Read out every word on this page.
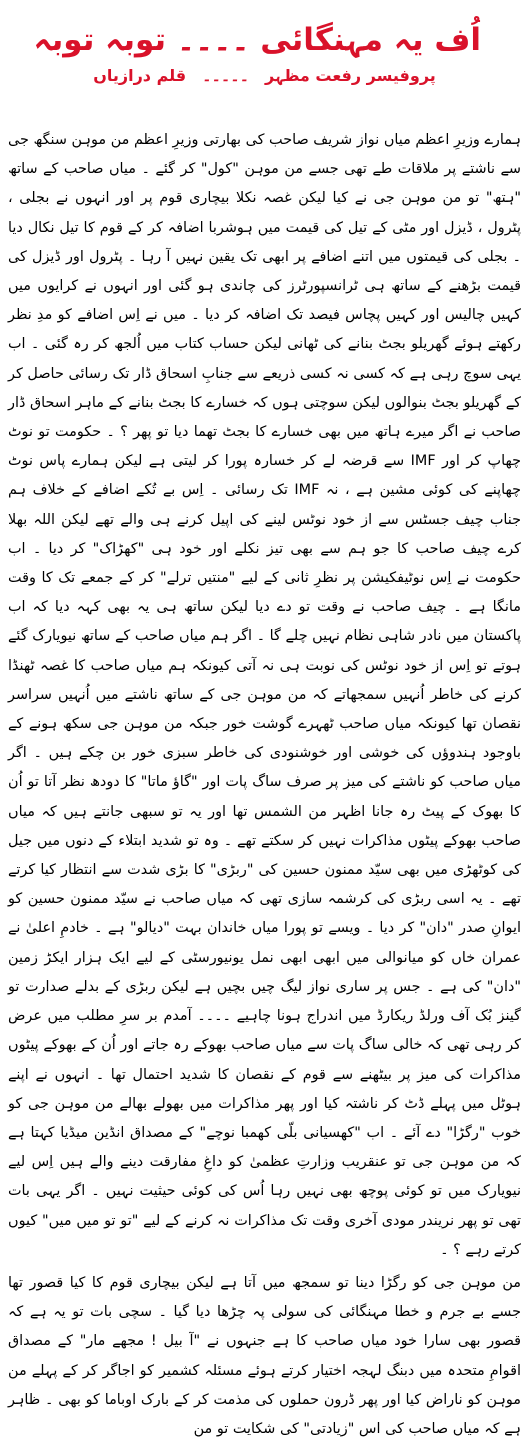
اُف یہ مہنگائی ۔۔۔۔ توبہ توبہ
پروفیسر رفعت مظہر۔۔۔۔۔قلم درازیاں

ہمارے وزیرِ اعظم میاں نواز شریف صاحب کی بھارتی وزیرِ اعظم من موہن سنگھ جی سے ناشتے پر ملاقات طے تھی جسے من موہن "کول" کر گئے ۔ میاں صاحب کے ساتھ "ہتھ" تو من موہن جی نے کیا لیکن غصہ نکلا بیچاری قوم پر اور انہوں نے بجلی ، پٹرول ، ڈیزل اور مٹی کے تیل کی قیمت میں ہوشربا اضافہ کر کے قوم کا تیل نکال دیا ۔ بجلی کی قیمتوں میں اتنے اضافے پر ابھی تک یقین نہیں آ رہا ۔ پٹرول اور ڈیزل کی قیمت بڑھنے کے ساتھ ہی ٹرانسپورٹرز کی چاندی ہو گئی اور انہوں نے کرایوں میں کہیں چالیس اور کہیں پچاس فیصد تک اضافہ کر دیا ۔ میں نے اِس اضافے کو مدِ نظر رکھتے ہوئے گھریلو بجٹ بنانے کی ٹھانی لیکن حساب کتاب میں اُلجھ کر رہ گئی ۔ اب یہی سوچ رہی ہے کہ کسی نہ کسی ذریعے سے جنابِ اسحاق ڈار تک رسائی حاصل کر کے گھریلو بجٹ بنوالوں لیکن سوچتی ہوں کہ خسارے کا بجٹ بنانے کے ماہر اسحاق ڈار صاحب نے اگر میرے ہاتھ میں بھی خسارے کا بجٹ تھما دیا تو پھر ؟ ۔ حکومت تو نوٹ چھاپ کر اور IMF سے قرضہ لے کر خسارہ پورا کر لیتی ہے لیکن ہمارے پاس نوٹ چھاپنے کی کوئی مشین ہے ، نہ IMF تک رسائی ۔ اِس بے تُکے اضافے کے خلاف ہم جناب چیف جسٹس سے از خود نوٹس لینے کی اپیل کرنے ہی والے تھے لیکن اللہ بھلا کرے چیف صاحب کا جو ہم سے بھی تیز نکلے اور خود ہی "کھڑاک" کر دیا ۔ اب حکومت نے اِس نوٹیفکیشن پر نظرِ ثانی کے لیے "منتیں ترلے" کر کے جمعے تک کا وقت مانگا ہے ۔ چیف صاحب نے وقت تو دے دیا لیکن ساتھ ہی یہ بھی کہہ دیا کہ اب پاکستان میں نادر شاہی نظام نہیں چلے گا ۔ اگر ہم میاں صاحب کے ساتھ نیویارک گئے ہوتے تو اِس از خود نوٹس کی نوبت ہی نہ آتی کیونکہ ہم میاں صاحب کا غصہ ٹھنڈا کرنے کی خاطر اُنہیں سمجھاتے کہ من موہن جی کے ساتھ ناشتے میں اُنہیں سراسر نقصان تھا کیونکہ میاں صاحب ٹھہرے گوشت خور جبکہ من موہن جی سکھ ہونے کے باوجود ہندوؤں کی خوشی اور خوشنودی کی خاطر سبزی خور بن چکے ہیں ۔ اگر میاں صاحب کو ناشتے کی میز پر صرف ساگ پات اور "گاؤ ماتا" کا دودھ نظر آتا تو اُن کا بھوک کے پیٹ رہ جانا اظہر من الشمس تھا اور یہ تو سبھی جانتے ہیں کہ میاں صاحب بھوکے پیٹوں مذاکرات نہیں کر سکتے تھے ۔ وہ تو شدید ابتلاء کے دنوں میں جیل کی کوٹھڑی میں بھی سیّد ممنون حسین کی "ربڑی" کا بڑی شدت سے انتظار کیا کرتے تھے ۔ یہ اسی ربڑی کی کرشمہ سازی تھی کہ میاں صاحب نے سیّد ممنون حسین کو ایوانِ صدر "دان" کر دیا ۔ ویسے تو پورا میاں خاندان بہت "دیالو" ہے ۔ خادمِ اعلیٰ نے عمران خاں کو میانوالی میں ابھی ابھی نمل یونیورسٹی کے لیے ایک ہزار ایکڑ زمین "دان" کی ہے ۔ جس پر ساری نواز لیگ چیں بچیں ہے لیکن ربڑی کے بدلے صدارت تو گینز بُک آف ورلڈ ریکارڈ میں اندراج ہونا چاہیے ۔۔۔۔ آمدم بر سرِ مطلب میں عرض کر رہی تھی کہ خالی ساگ پات سے میاں صاحب بھوکے رہ جاتے اور اُن کے بھوکے پیٹوں مذاکرات کی میز پر بیٹھنے سے قوم کے نقصان کا شدید احتمال تھا ۔ انہوں نے اپنے ہوٹل میں پہلے ڈٹ کر ناشتہ کیا اور پھر مذاکرات میں بھولے بھالے من موہن جی کو خوب "رگڑا" دے آئے ۔ اب "کھسیانی بلّی کھمبا نوچے" کے مصداق انڈین میڈیا کہتا ہے کہ من موہن جی تو عنقریب وزارتِ عظمیٰ کو داغِ مفارقت دینے والے ہیں اِس لیے نیویارک میں تو کوئی پوچھ بھی نہیں رہا اُس کی کوئی حیثیت نہیں ۔ اگر یہی بات تھی تو پھر نریندر مودی آخری وقت تک مذاکرات نہ کرنے کے لیے "تو تو میں میں" کیوں کرتے رہے ؟ ۔

من موہن جی کو رگڑا دینا تو سمجھ میں آتا ہے لیکن بیچاری قوم کا کیا قصور تھا جسے بے جرم و خطا مہنگائی کی سولی پہ چڑھا دیا گیا ۔ سچی بات تو یہ ہے کہ قصور بھی سارا خود میاں صاحب کا ہے جنہوں نے "آ بیل ! مجھے مار" کے مصداق اقوامِ متحدہ میں دبنگ لہجہ اختیار کرتے ہوئے مسئلہ کشمیر کو اجاگر کر کے پہلے من موہن کو ناراض کیا اور پھر ڈرون حملوں کی مذمت کر کے بارک اوباما کو بھی ۔ ظاہر ہے کہ میاں صاحب کی اس "زیادتی" کی شکایت تو من
